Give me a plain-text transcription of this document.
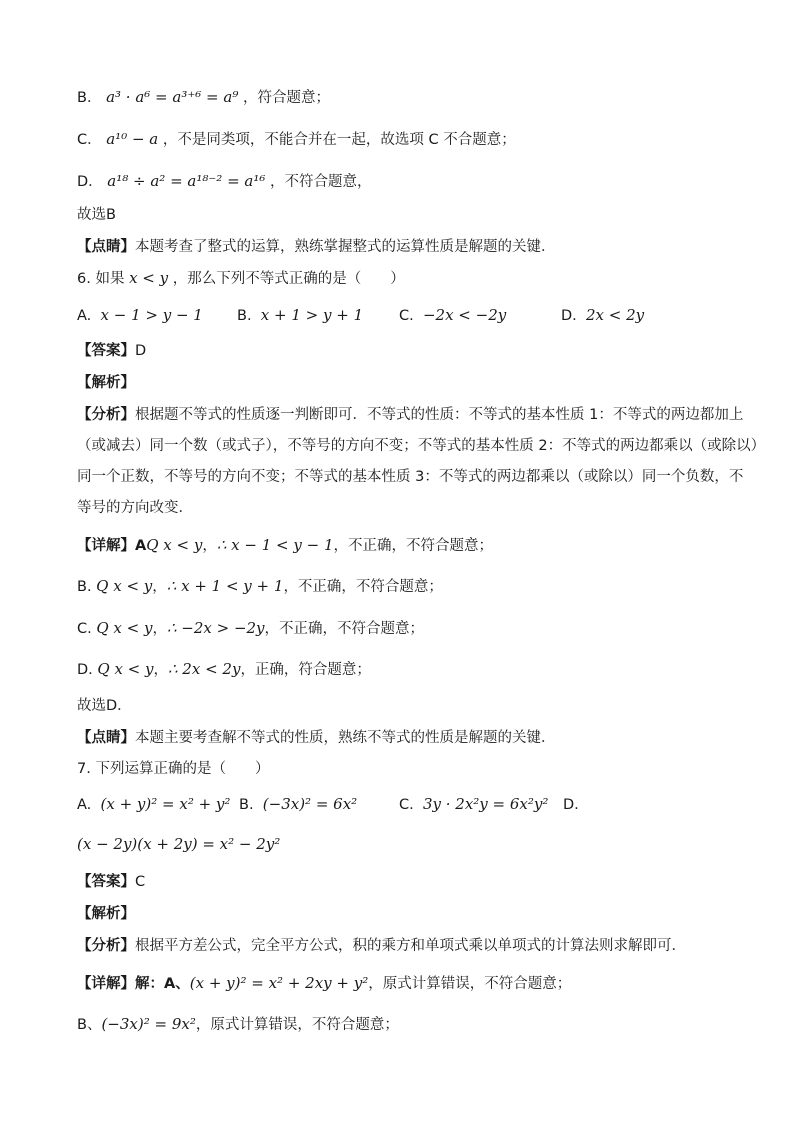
B． a³ · a⁶ = a³⁺⁶ = a⁹ ，符合题意；
C． a¹⁰ − a ，不是同类项，不能合并在一起，故选项 C 不合题意；
D． a¹⁸ ÷ a² = a¹⁸⁻² = a¹⁶ ，不符合题意，
故选B
【点睛】本题考查了整式的运算，熟练掌握整式的运算性质是解题的关键．
6. 如果 x < y ，那么下列不等式正确的是（　　）
A. x − 1 > y − 1 B. x + 1 > y + 1 C. −2x < −2y	D. 2x < 2y
【答案】D
【解析】
【分析】根据题不等式的性质逐一判断即可．不等式的性质：不等式的基本性质 1：不等式的两边都加上
（或减去）同一个数（或式子），不等号的方向不变；不等式的基本性质 2：不等式的两边都乘以（或除以）
同一个正数，不等号的方向不变；不等式的基本性质 3：不等式的两边都乘以（或除以）同一个负数，不
等号的方向改变．
【详解】AQ x < y，∴ x − 1 < y − 1，不正确，不符合题意；
B. Q x < y，∴ x + 1 < y + 1，不正确，不符合题意；
C. Q x < y，∴ −2x > −2y，不正确，不符合题意；
D. Q x < y，∴ 2x < 2y，正确，符合题意；
故选D．
【点睛】本题主要考查解不等式的性质，熟练不等式的性质是解题的关键．
7. 下列运算正确的是（　　）
A. (x + y)² = x² + y² B. (−3x)² = 6x²	C. 3y · 2x²y = 6x²y² D.
(x − 2y)(x + 2y) = x² − 2y²
【答案】C
【解析】
【分析】根据平方差公式，完全平方公式，积的乘方和单项式乘以单项式的计算法则求解即可．
【详解】解：A、(x + y)² = x² + 2xy + y²，原式计算错误，不符合题意；
B、(−3x)² = 9x²，原式计算错误，不符合题意；
